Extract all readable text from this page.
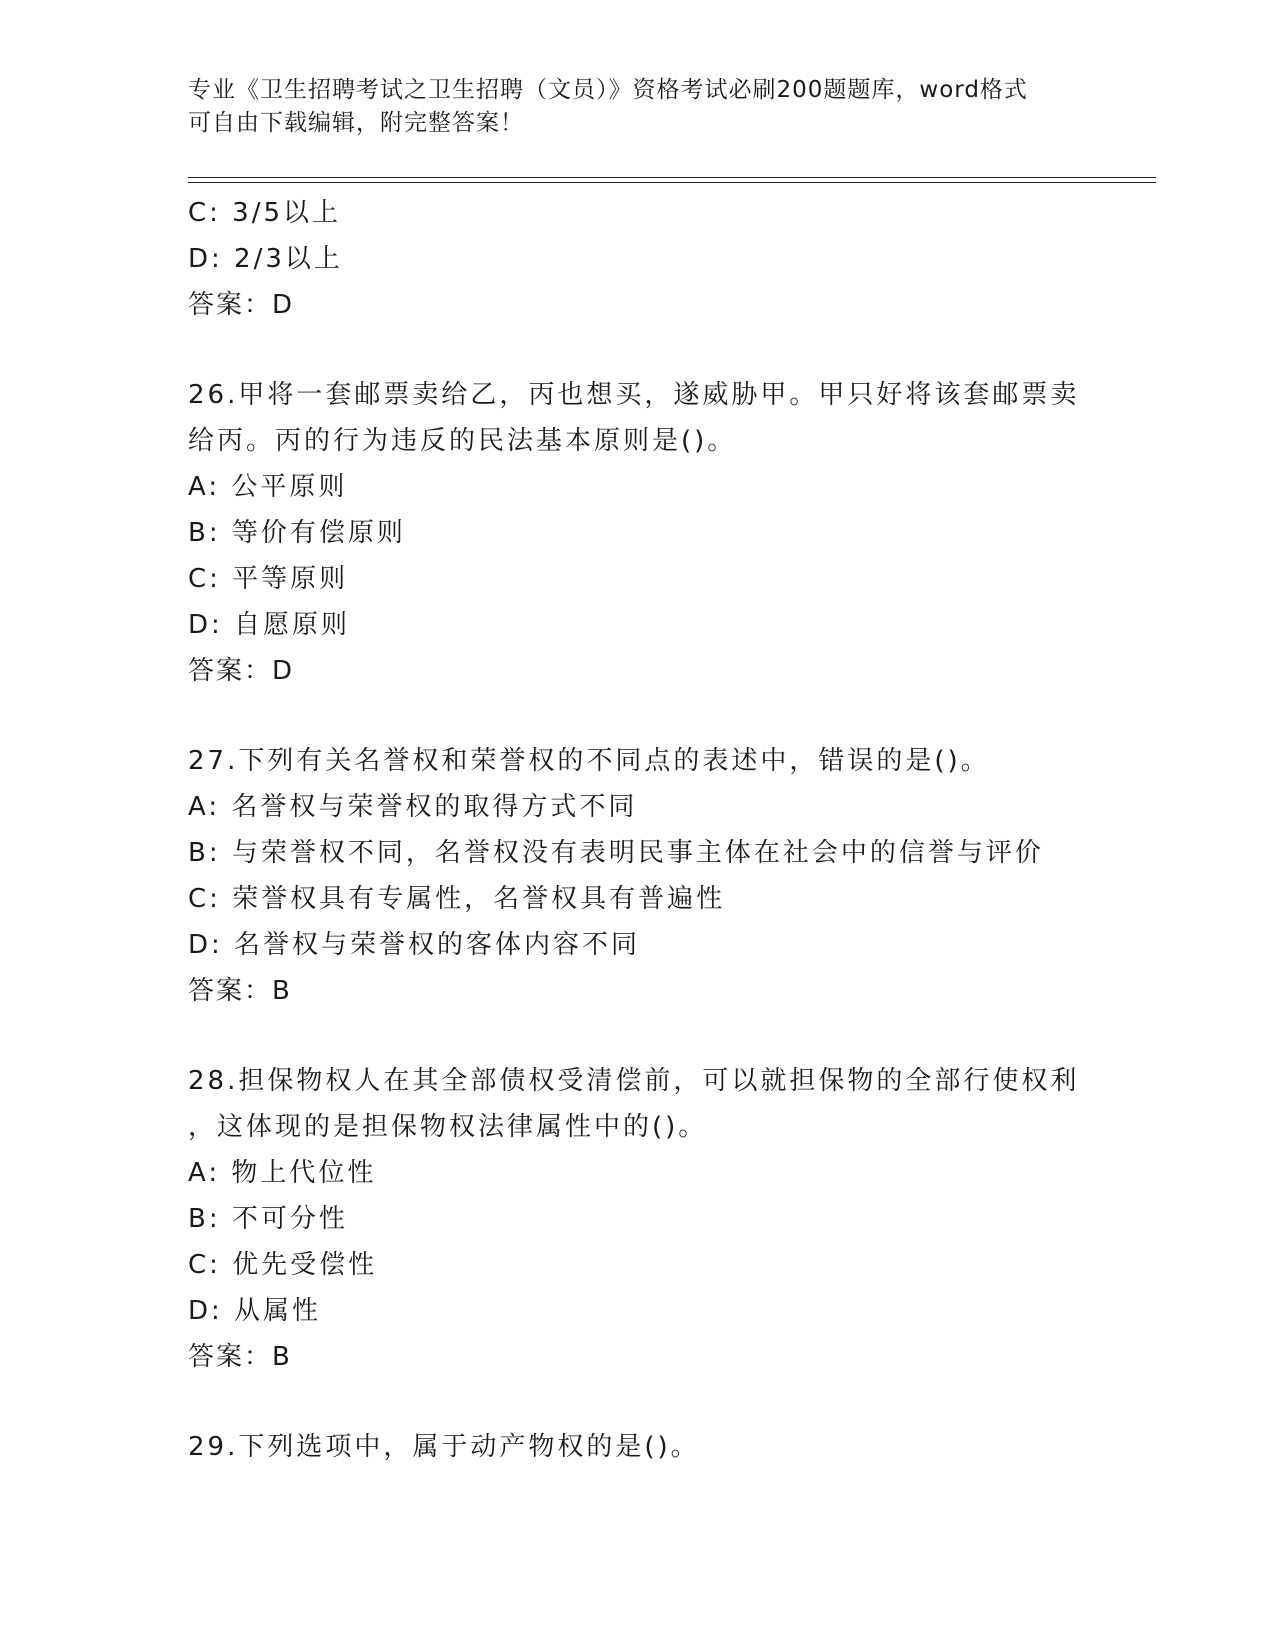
专业《卫生招聘考试之卫生招聘（文员）》资格考试必刷200题题库，word格式
可自由下载编辑，附完整答案！
C: 3/5以上
D: 2/3以上
答案：D
26.甲将一套邮票卖给乙，丙也想买，遂威胁甲。甲只好将该套邮票卖
给丙。丙的行为违反的民法基本原则是()。
A: 公平原则
B: 等价有偿原则
C: 平等原则
D: 自愿原则
答案：D
27.下列有关名誉权和荣誉权的不同点的表述中，错误的是()。
A: 名誉权与荣誉权的取得方式不同
B: 与荣誉权不同，名誉权没有表明民事主体在社会中的信誉与评价
C: 荣誉权具有专属性，名誉权具有普遍性
D: 名誉权与荣誉权的客体内容不同
答案：B
28.担保物权人在其全部债权受清偿前，可以就担保物的全部行使权利
，这体现的是担保物权法律属性中的()。
A: 物上代位性
B: 不可分性
C: 优先受偿性
D: 从属性
答案：B
29.下列选项中，属于动产物权的是()。
